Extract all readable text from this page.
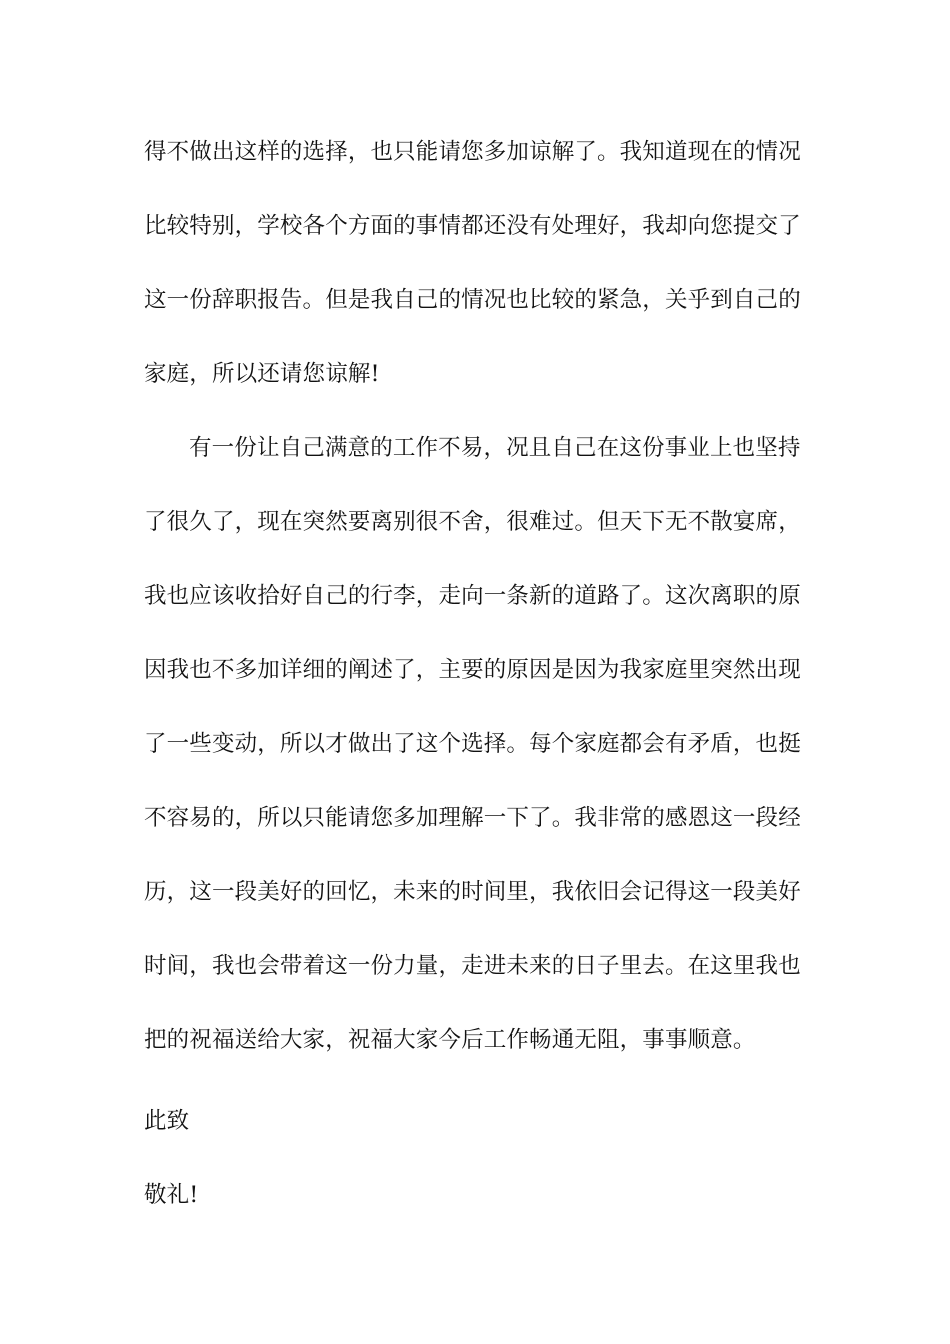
得不做出这样的选择，也只能请您多加谅解了。我知道现在的情况
比较特别，学校各个方面的事情都还没有处理好，我却向您提交了
这一份辞职报告。但是我自己的情况也比较的紧急，关乎到自己的
家庭，所以还请您谅解!
有一份让自己满意的工作不易，况且自己在这份事业上也坚持
了很久了，现在突然要离别很不舍，很难过。但天下无不散宴席，
我也应该收拾好自己的行李，走向一条新的道路了。这次离职的原
因我也不多加详细的阐述了，主要的原因是因为我家庭里突然出现
了一些变动，所以才做出了这个选择。每个家庭都会有矛盾，也挺
不容易的，所以只能请您多加理解一下了。我非常的感恩这一段经
历，这一段美好的回忆，未来的时间里，我依旧会记得这一段美好
时间，我也会带着这一份力量，走进未来的日子里去。在这里我也
把的祝福送给大家，祝福大家今后工作畅通无阻，事事顺意。
此致
敬礼!
